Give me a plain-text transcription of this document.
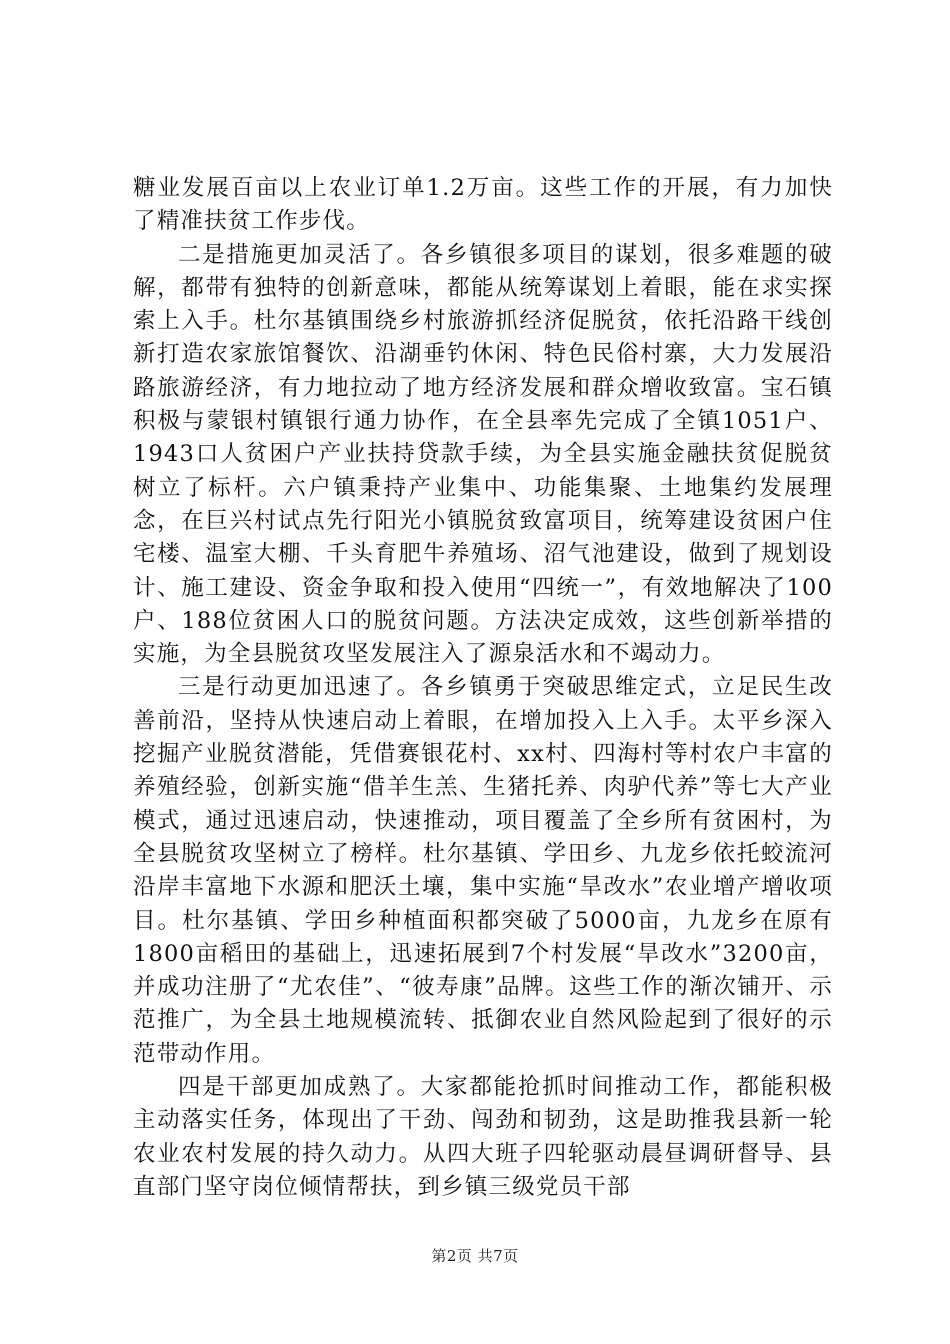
糖业发展百亩以上农业订单1.2万亩。这些工作的开展，有力加快了精准扶贫工作步伐。

二是措施更加灵活了。各乡镇很多项目的谋划，很多难题的破解，都带有独特的创新意味，都能从统筹谋划上着眼，能在求实探索上入手。杜尔基镇围绕乡村旅游抓经济促脱贫，依托沿路干线创新打造农家旅馆餐饮、沿湖垂钓休闲、特色民俗村寨，大力发展沿路旅游经济，有力地拉动了地方经济发展和群众增收致富。宝石镇积极与蒙银村镇银行通力协作，在全县率先完成了全镇1051户、1943口人贫困户产业扶持贷款手续，为全县实施金融扶贫促脱贫树立了标杆。六户镇秉持产业集中、功能集聚、土地集约发展理念，在巨兴村试点先行阳光小镇脱贫致富项目，统筹建设贫困户住宅楼、温室大棚、千头育肥牛养殖场、沼气池建设，做到了规划设计、施工建设、资金争取和投入使用“四统一”，有效地解决了100户、188位贫困人口的脱贫问题。方法决定成效，这些创新举措的实施，为全县脱贫攻坚发展注入了源泉活水和不竭动力。

三是行动更加迅速了。各乡镇勇于突破思维定式，立足民生改善前沿，坚持从快速启动上着眼，在增加投入上入手。太平乡深入挖掘产业脱贫潜能，凭借赛银花村、xx村、四海村等村农户丰富的养殖经验，创新实施“借羊生羔、生猪托养、肉驴代养”等七大产业模式，通过迅速启动，快速推动，项目覆盖了全乡所有贫困村，为全县脱贫攻坚树立了榜样。杜尔基镇、学田乡、九龙乡依托蛟流河沿岸丰富地下水源和肥沃土壤，集中实施“旱改水”农业增产增收项目。杜尔基镇、学田乡种植面积都突破了5000亩，九龙乡在原有1800亩稻田的基础上，迅速拓展到7个村发展“旱改水”3200亩，并成功注册了“尤农佳”、“彼寿康”品牌。这些工作的渐次铺开、示范推广，为全县土地规模流转、抵御农业自然风险起到了很好的示范带动作用。

四是干部更加成熟了。大家都能抢抓时间推动工作，都能积极主动落实任务，体现出了干劲、闯劲和韧劲，这是助推我县新一轮农业农村发展的持久动力。从四大班子四轮驱动晨昼调研督导、县直部门坚守岗位倾情帮扶，到乡镇三级党员干部

第2页 共7页
